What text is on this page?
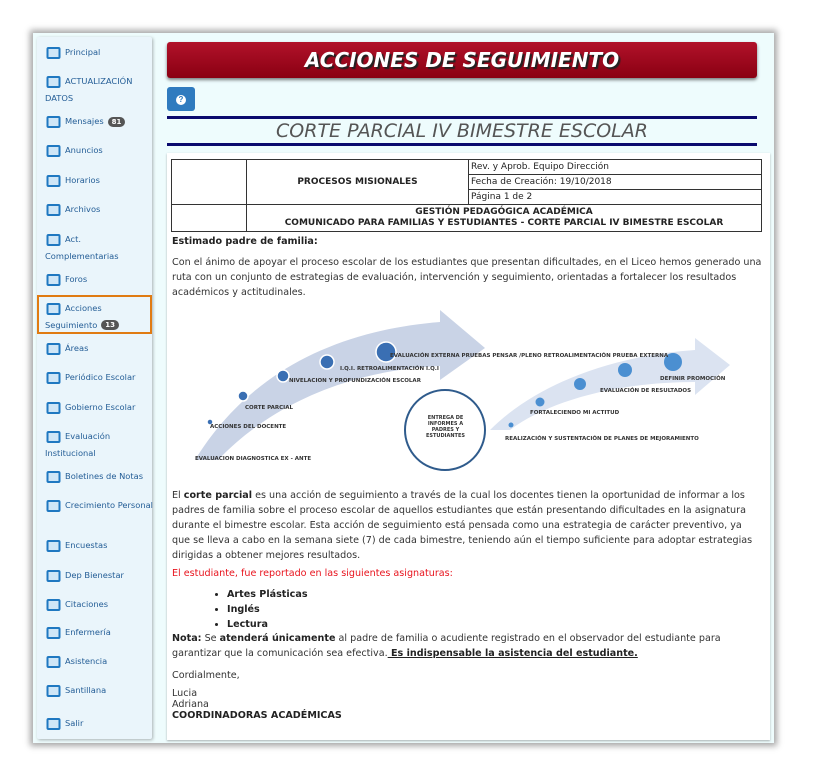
Principal
ACTUALIZACIÓN DATOS
Mensajes 81
Anuncios
Horarios
Archivos
Act. Complementarias
Foros
Acciones Seguimiento 13
Áreas
Periódico Escolar
Gobierno Escolar
Evaluación Institucional
Boletines de Notas
Crecimiento Personal
Encuestas
Dep Bienestar
Citaciones
Enfermería
Asistencia
Santillana
Salir
ACCIONES DE SEGUIMIENTO
?
CORTE PARCIAL IV BIMESTRE ESCOLAR
	PROCESOS MISIONALES	Rev. y Aprob. Equipo Dirección
		Fecha de Creación: 19/10/2018
		Página 1 de 2

	GESTIÓN PEDAGÓGICA ACADÉMICA
COMUNICADO PARA FAMILIAS Y ESTUDIANTES - CORTE PARCIAL IV BIMESTRE ESCOLAR	
Estimado padre de familia:
Con el ánimo de apoyar el proceso escolar de los estudiantes que presentan dificultades, en el Liceo hemos generado una ruta con un conjunto de estrategias de evaluación, intervención y seguimiento, orientadas a fortalecer los resultados académicos y actitudinales.
EVALUACION DIAGNOSTICA EX - ANTE
ACCIONES DEL DOCENTE
CORTE PARCIAL
NIVELACION Y PROFUNDIZACIÓN ESCOLAR
I.Q.I. RETROALIMENTACIÓN I.Q.I
EVALUACIÓN EXTERNA PRUEBAS PENSAR /PLENO RETROALIMENTACIÓN PRUEBA EXTERNA
REALIZACIÓN Y SUSTENTACIÓN DE PLANES DE MEJORAMIENTO
FORTALECIENDO MI ACTITUD
EVALUACIÓN DE RESULTADOS
DEFINIR PROMOCIÓN
ENTREGA DE INFORMES A PADRES Y ESTUDIANTES
El corte parcial es una acción de seguimiento a través de la cual los docentes tienen la oportunidad de informar a los padres de familia sobre el proceso escolar de aquellos estudiantes que están presentando dificultades en la asignatura durante el bimestre escolar. Esta acción de seguimiento está pensada como una estrategia de carácter preventivo, ya que se lleva a cabo en la semana siete (7) de cada bimestre, teniendo aún el tiempo suficiente para adoptar estrategias dirigidas a obtener mejores resultados.
El estudiante, fue reportado en las siguientes asignaturas:
• Artes Plásticas
• Inglés
• Lectura
Nota: Se atenderá únicamente al padre de familia o acudiente registrado en el observador del estudiante para garantizar que la comunicación sea efectiva. Es indispensable la asistencia del estudiante.
Cordialmente,
Lucia
Adriana
COORDINADORAS ACADÉMICAS
